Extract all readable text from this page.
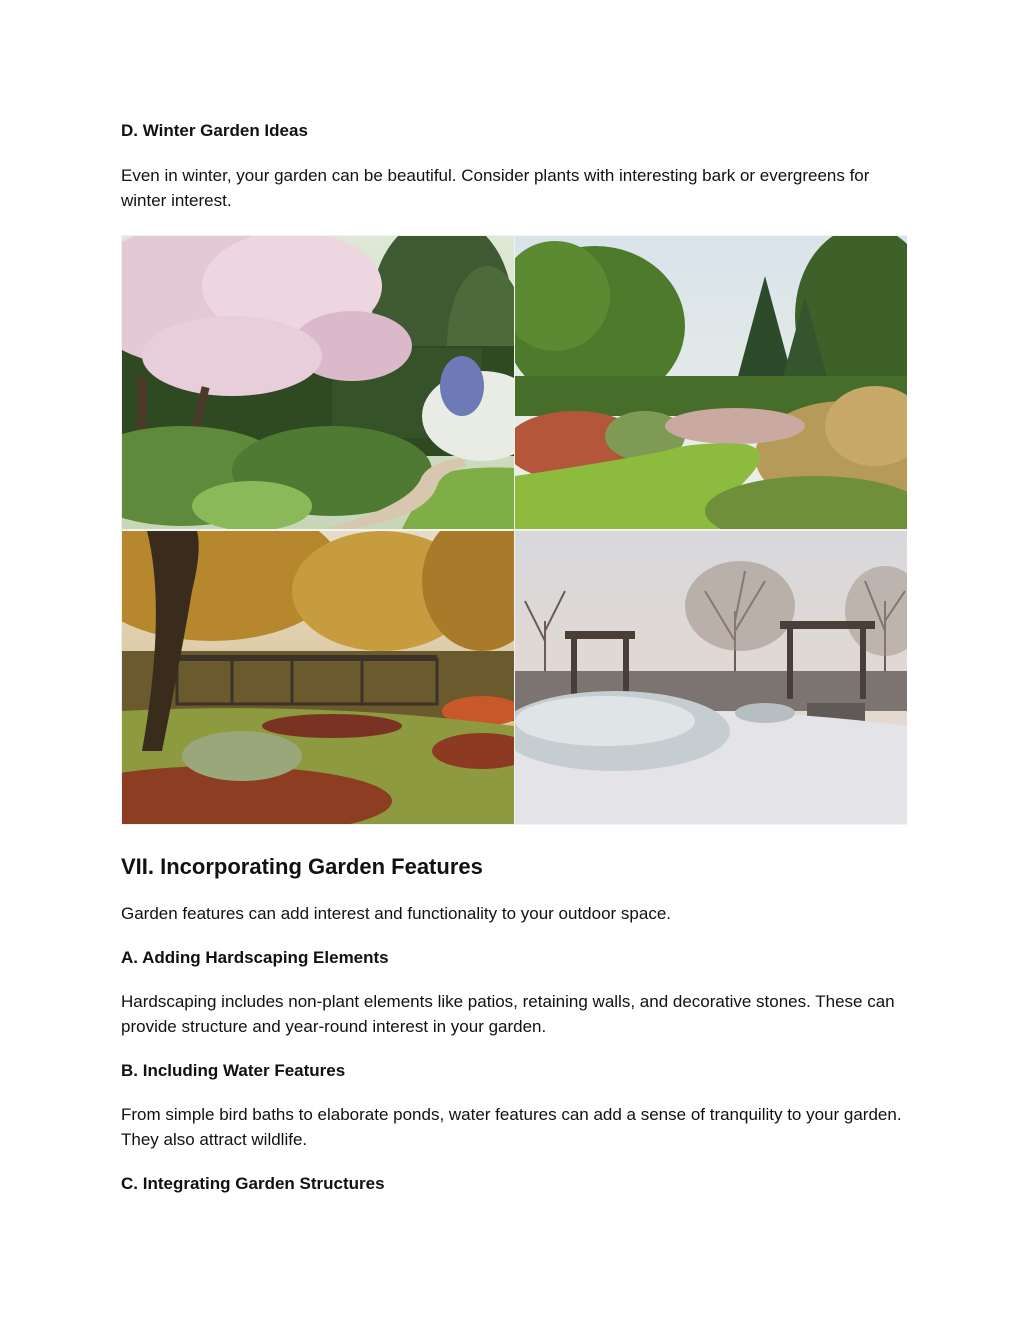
D. Winter Garden Ideas

Even in winter, your garden can be beautiful. Consider plants with interesting bark or evergreens for winter interest.

VII. Incorporating Garden Features

Garden features can add interest and functionality to your outdoor space.

A. Adding Hardscaping Elements

Hardscaping includes non-plant elements like patios, retaining walls, and decorative stones. These can provide structure and year-round interest in your garden.

B. Including Water Features

From simple bird baths to elaborate ponds, water features can add a sense of tranquility to your garden. They also attract wildlife.

C. Integrating Garden Structures
